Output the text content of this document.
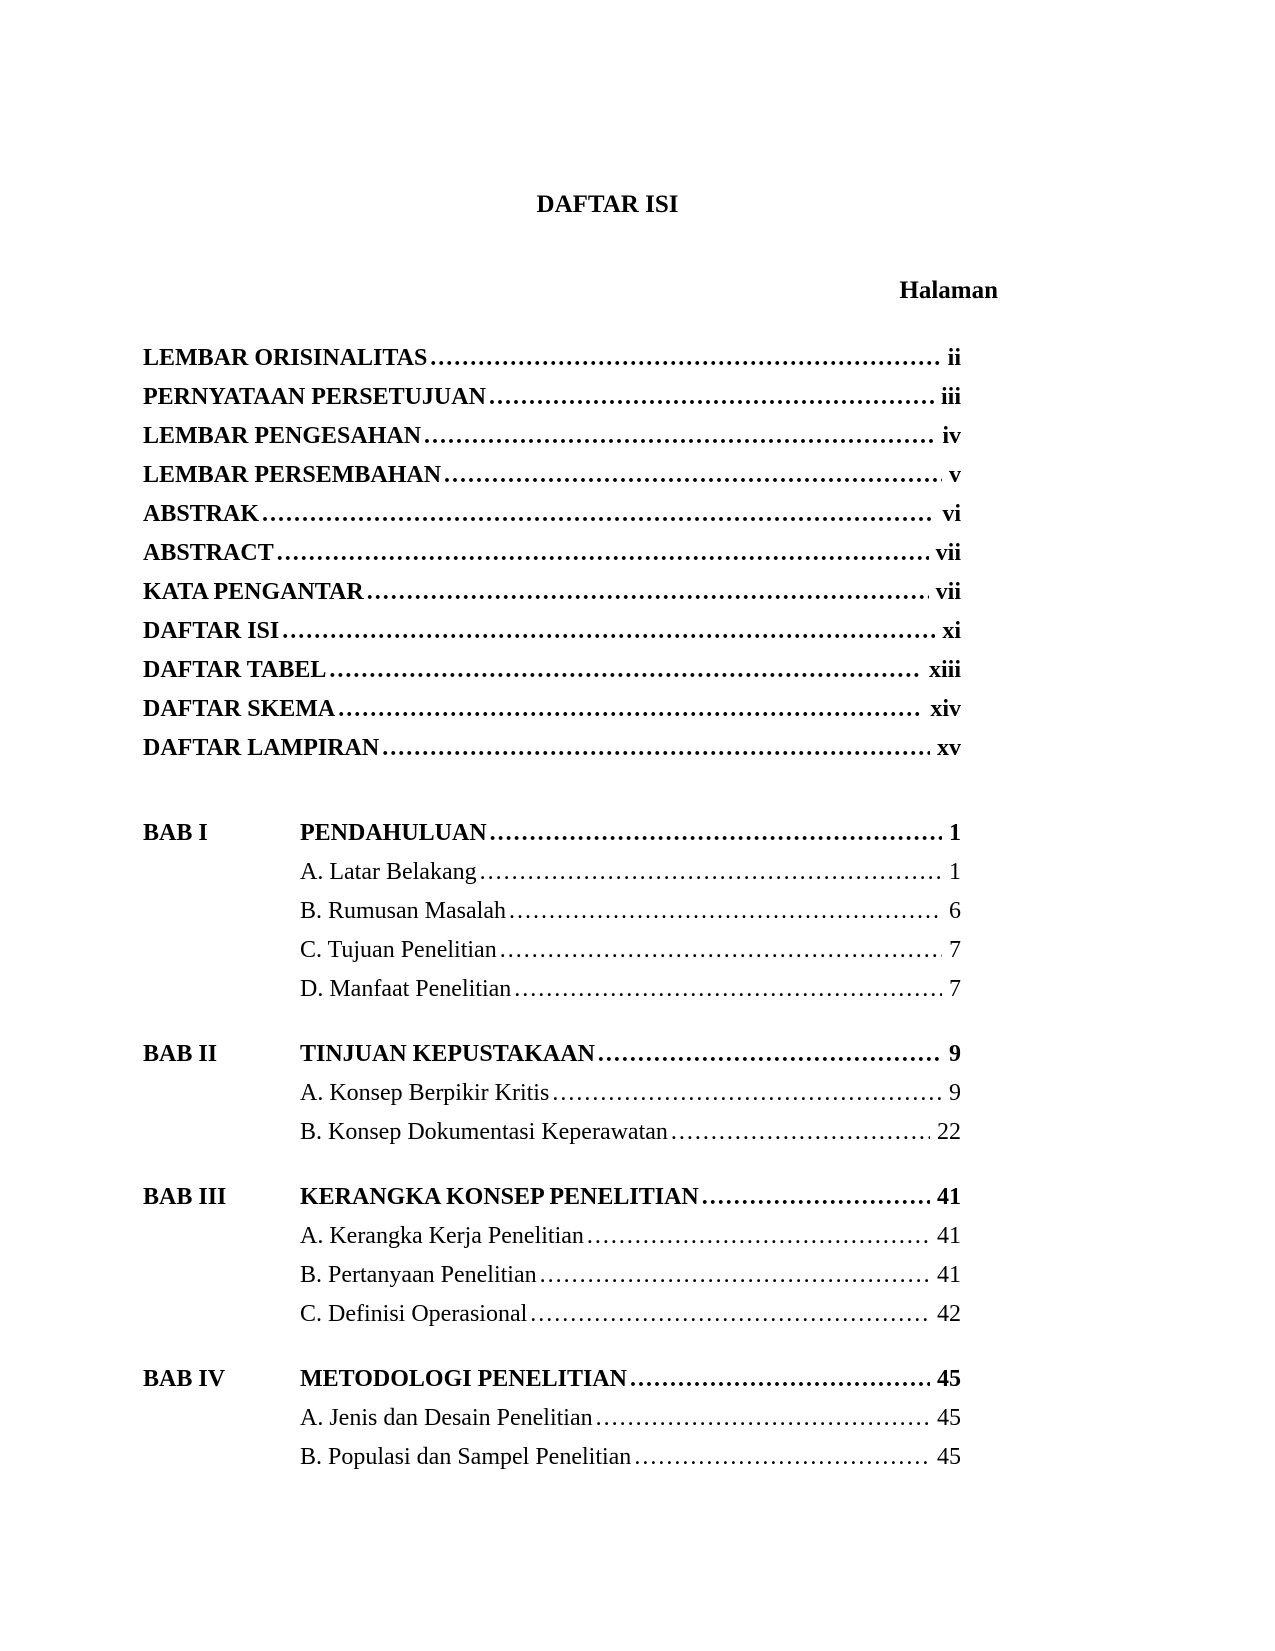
DAFTAR ISI
Halaman
LEMBAR ORISINALITAS .....	ii
PERNYATAAN PERSETUJUAN .....	iii
LEMBAR PENGESAHAN .....	iv
LEMBAR PERSEMBAHAN .....	v
ABSTRAK .....	vi
ABSTRACT .....	vii
KATA PENGANTAR .....	vii
DAFTAR ISI .....	xi
DAFTAR TABEL .....	xiii
DAFTAR SKEMA .....	xiv
DAFTAR LAMPIRAN .....	xv
BAB I	PENDAHULUAN .....	1
A. Latar Belakang .....	1
B. Rumusan Masalah .....	6
C. Tujuan Penelitian .....	7
D. Manfaat Penelitian .....	7
BAB II	TINJUAN KEPUSTAKAAN .....	9
A. Konsep Berpikir Kritis .....	9
B. Konsep Dokumentasi Keperawatan .....	22
BAB III	KERANGKA KONSEP PENELITIAN .....	41
A. Kerangka Kerja Penelitian .....	41
B. Pertanyaan Penelitian .....	41
C. Definisi Operasional .....	42
BAB IV	METODOLOGI PENELITIAN .....	45
A. Jenis dan Desain Penelitian .....	45
B. Populasi dan Sampel Penelitian .....	45
